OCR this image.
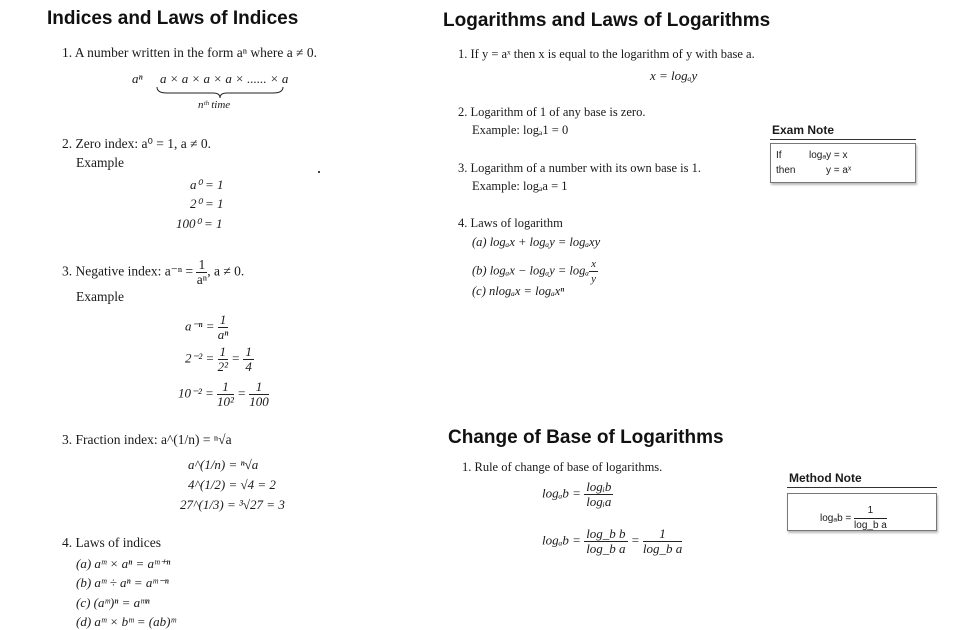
Indices and Laws of Indices
1. A number written in the form aⁿ where a ≠ 0.
aⁿ a × a × a × a × ...... × a
nᵗʰ time
2. Zero index: a⁰ = 1, a ≠ 0.
Example
a⁰ = 1
2⁰ = 1
100⁰ = 1
3. Negative index: $a^{-n} = \frac{1}{\text{aⁿ}}$ , a ≠ 0.
Example
$a^{-n} = \frac{1}{\text{aⁿ}}$
$2^{-2} = \frac{1}{\text{2²}} = \frac{1}{4}$
$10^{-2} = \frac{1}{\text{10²}} = \frac{1}{100}$
3. Fraction index: a^(1/n) = ⁿ√a
a^(1/n) = ⁿ√a
4^(1/2) = √4 = 2
27^(1/3) = ³√27 = 3
4. Laws of indices
(a) aᵐ × aⁿ = aᵐ⁺ⁿ
(b) aᵐ ÷ aⁿ = aᵐ⁻ⁿ
(c) (aᵐ)ⁿ = aᵐⁿ
(d) aᵐ × bᵐ = (ab)ᵐ
Logarithms and Laws of Logarithms
1. If y = aˣ then x is equal to the logarithm of y with base a.
x = logₐy
2. Logarithm of 1 of any base is zero.
Example: logₐ1 = 0
3. Logarithm of a number with its own base is 1.
Example: logₐa = 1
4. Laws of logarithm
(a) logₐx + logₐy = logₐxy
(b) logₐx − logₐy = logₐ $\frac{x}{y}$
(c) nlogₐx = logₐxⁿ
Exam Note
If
then
logₐy = x
y = aˣ
Change of Base of Logarithms
1. Rule of change of base of logarithms.
$\log_ab = \frac{\text{logᵢb}}{\text{logᵢa}}$
$\log_ab = \frac{\text{log\_b b}}{\text{log\_b a}} = \frac{1}{\text{log\_b a}}$
Method Note
$\log_ab = \frac{1}{\text{log\_b a}}$
